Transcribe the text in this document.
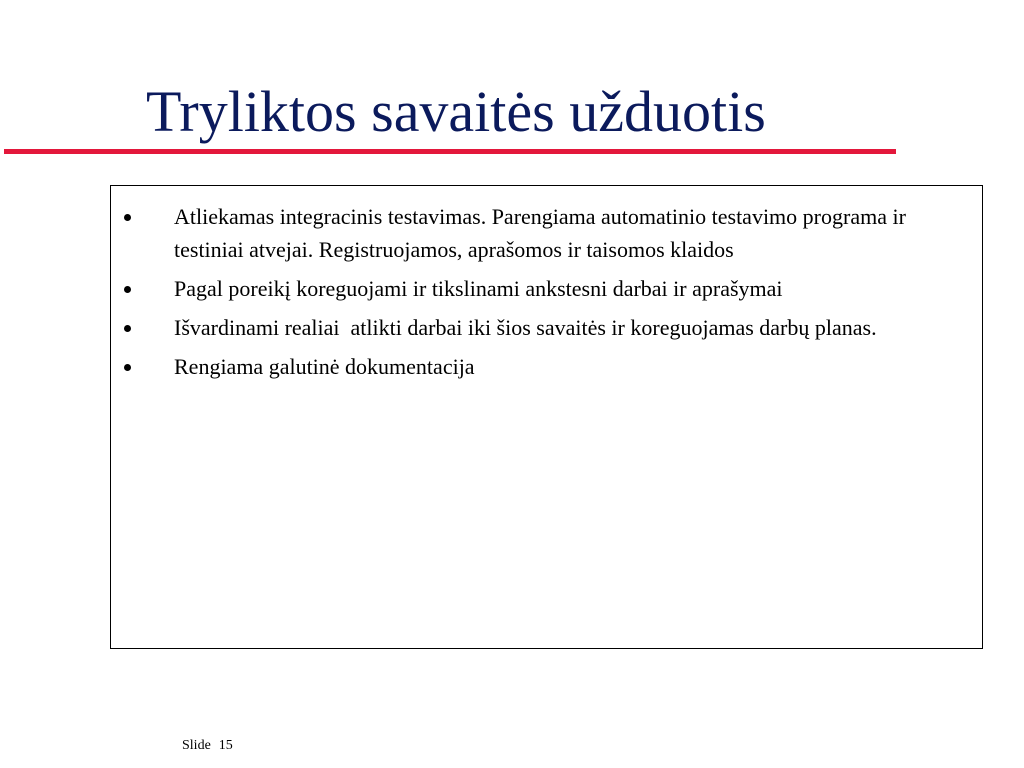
Tryliktos savaitės užduotis
Atliekamas integracinis testavimas. Parengiama automatinio testavimo programa ir testiniai atvejai. Registruojamos, aprašomos ir taisomos klaidos
Pagal poreikį koreguojami ir tikslinami ankstesni darbai ir aprašymai
Išvardinami realiai  atlikti darbai iki šios savaitės ir koreguojamas darbų planas.
Rengiama galutinė dokumentacija
Slide 15
